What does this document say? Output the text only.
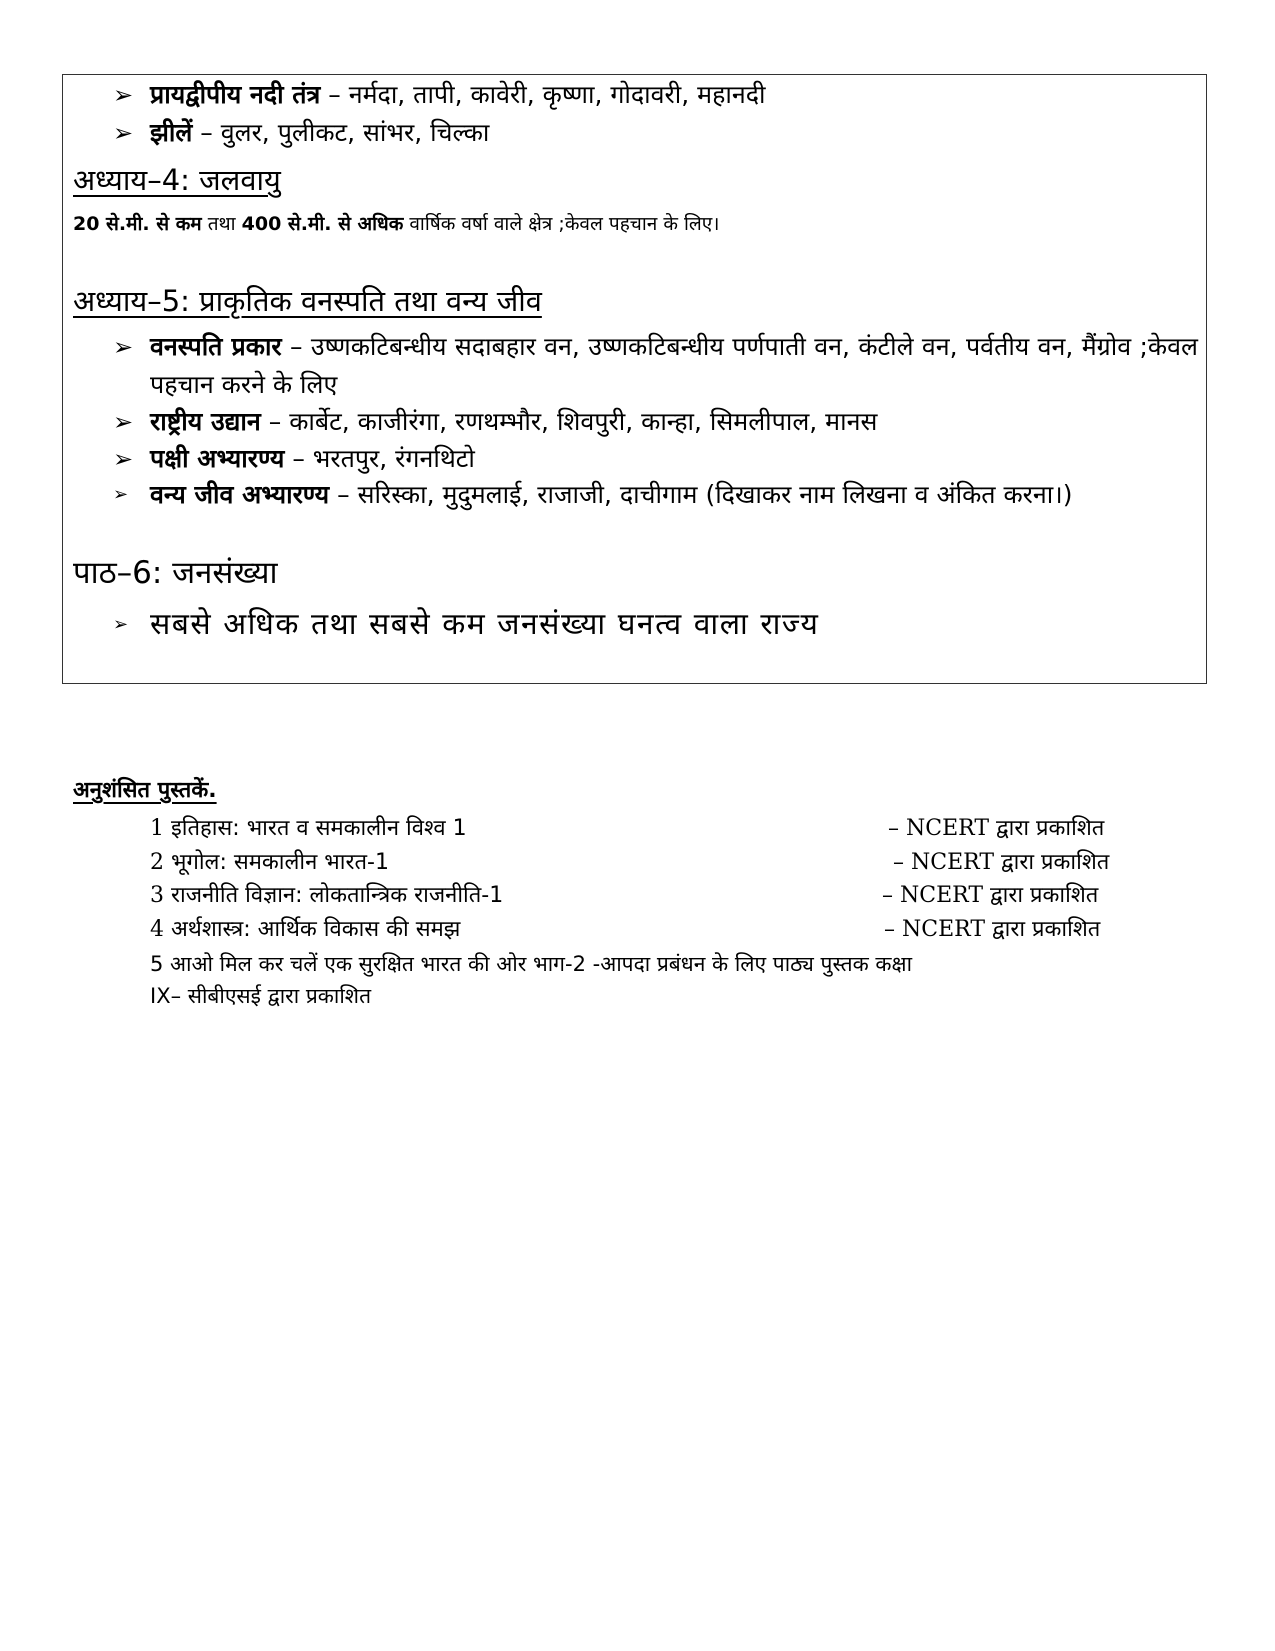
➢ प्रायद्वीपीय नदी तंत्र – नर्मदा, तापी, कावेरी, कृष्णा, गोदावरी, महानदी
➢ झीलें – वुलर, पुलीकट, सांभर, चिल्का
अध्याय–4: जलवायु
20 से.मी. से कम तथा 400 से.मी. से अधिक वार्षिक वर्षा वाले क्षेत्र ;केवल पहचान के लिए।
अध्याय–5: प्राकृतिक वनस्पति तथा वन्य जीव
➢ वनस्पति प्रकार – उष्णकटिबन्धीय सदाबहार वन, उष्णकटिबन्धीय पर्णपाती वन, कंटीले वन, पर्वतीय वन, मैंग्रोव ;केवल पहचान करने के लिए
➢ राष्ट्रीय उद्यान – कार्बेट, काजीरंगा, रणथम्भौर, शिवपुरी, कान्हा, सिमलीपाल, मानस
➢ पक्षी अभ्यारण्य – भरतपुर, रंगनथिटो
➢ वन्य जीव अभ्यारण्य – सरिस्का, मुदुमलाई, राजाजी, दाचीगाम (दिखाकर नाम लिखना व अंकित करना।)
पाठ–6: जनसंख्या
➢ सबसे अधिक तथा सबसे कम जनसंख्या घनत्व वाला राज्य
अनुशंसित पुस्तकें.
1 इतिहास: भारत व समकालीन विश्व 1	– NCERT द्वारा प्रकाशित
2 भूगोल: समकालीन भारत-1	– NCERT द्वारा प्रकाशित
3 राजनीति विज्ञान: लोकतान्त्रिक राजनीति-1	– NCERT द्वारा प्रकाशित
4 अर्थशास्त्र: आर्थिक विकास की समझ	– NCERT द्वारा प्रकाशित
5 आओ मिल कर चलें एक सुरक्षित भारत की ओर भाग-2 -आपदा प्रबंधन के लिए पाठ्य पुस्तक कक्षा
IX– सीबीएसई द्वारा प्रकाशित
